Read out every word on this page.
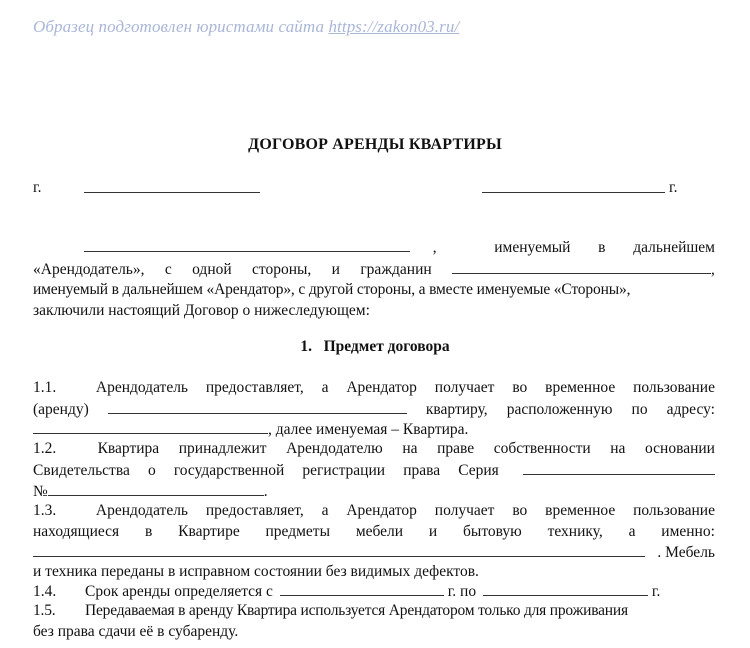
Образец подготовлен юристами сайта https://zakon03.ru/
ДОГОВОР АРЕНДЫ КВАРТИРЫ
г.	г.
,	именуемый в дальнейшем
«Арендодатель», с одной стороны, и гражданин	,
именуемый в дальнейшем «Арендатор», с другой стороны, а вместе именуемые «Стороны»,
заключили настоящий Договор о нижеследующем:
1. Предмет договора
1.1.	Арендодатель предоставляет, а Арендатор получает во временное пользование
(аренду)	квартиру, расположенную по адресу:
, далее именуемая – Квартира.
1.2.	Квартира принадлежит Арендодателю на праве собственности на основании
Свидетельства о государственной регистрации права Серия
№	.
1.3.	Арендодатель предоставляет, а Арендатор получает во временное пользование
находящиеся в Квартире предметы мебели и бытовую технику, а именно:
. Мебель
и техника переданы в исправном состоянии без видимых дефектов.
1.4. Срок аренды определяется с	г. по	г.
1.5. Передаваемая в аренду Квартира используется Арендатором только для проживания
без права сдачи её в субаренду.
